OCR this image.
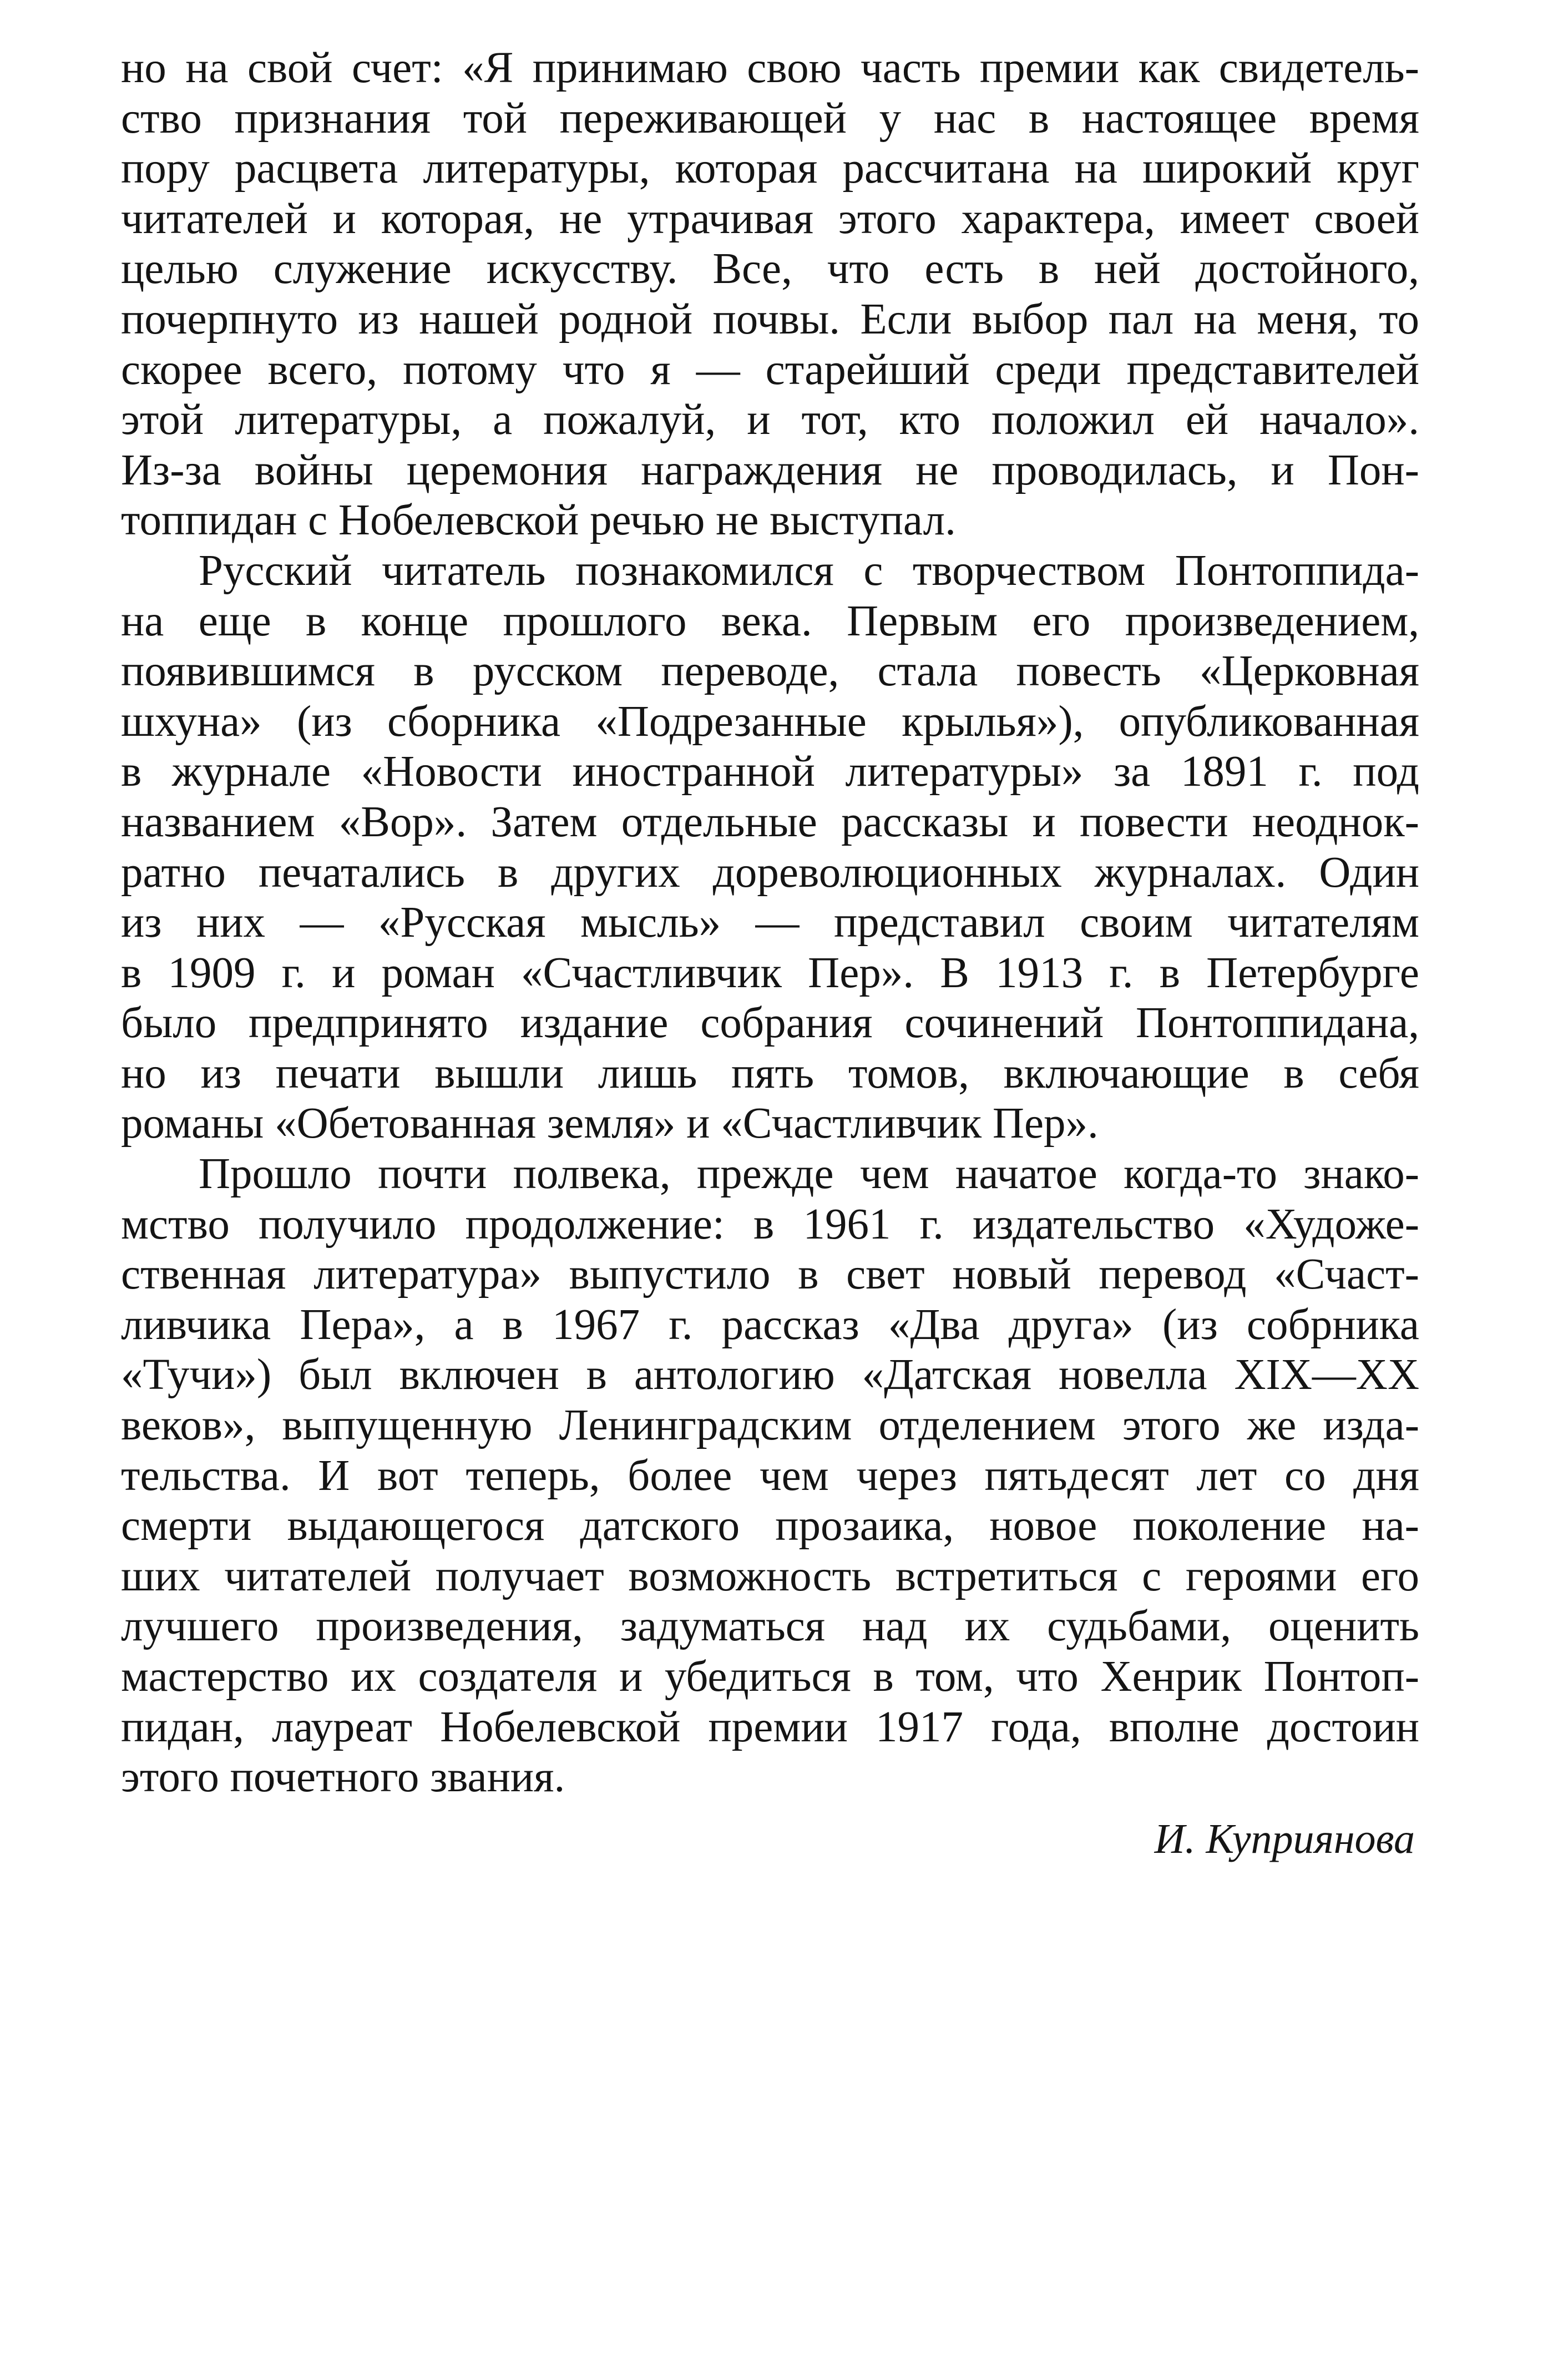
но на свой счет: «Я принимаю свою часть премии как свидетель-
ство признания той переживающей у нас в настоящее время
пору расцвета литературы, которая рассчитана на широкий круг
читателей и которая, не утрачивая этого характера, имеет своей
целью служение искусству. Все, что есть в ней достойного,
почерпнуто из нашей родной почвы. Если выбор пал на меня, то
скорее всего, потому что я — старейший среди представителей
этой литературы, а пожалуй, и тот, кто положил ей начало».
Из-за войны церемония награждения не проводилась, и Пон-
топпидан с Нобелевской речью не выступал.
Русский читатель познакомился с творчеством Понтоппида-
на еще в конце прошлого века. Первым его произведением,
появившимся в русском переводе, стала повесть «Церковная
шхуна» (из сборника «Подрезанные крылья»), опубликованная
в журнале «Новости иностранной литературы» за 1891 г. под
названием «Вор». Затем отдельные рассказы и повести неоднок-
ратно печатались в других дореволюционных журналах. Один
из них — «Русская мысль» — представил своим читателям
в 1909 г. и роман «Счастливчик Пер». В 1913 г. в Петербурге
было предпринято издание собрания сочинений Понтоппидана,
но из печати вышли лишь пять томов, включающие в себя
романы «Обетованная земля» и «Счастливчик Пер».
Прошло почти полвека, прежде чем начатое когда-то знако-
мство получило продолжение: в 1961 г. издательство «Художе-
ственная литература» выпустило в свет новый перевод «Счаст-
ливчика Пера», а в 1967 г. рассказ «Два друга» (из собрника
«Тучи») был включен в антологию «Датская новелла XIX—XX
веков», выпущенную Ленинградским отделением этого же изда-
тельства. И вот теперь, более чем через пятьдесят лет со дня
смерти выдающегося датского прозаика, новое поколение на-
ших читателей получает возможность встретиться с героями его
лучшего произведения, задуматься над их судьбами, оценить
мастерство их создателя и убедиться в том, что Хенрик Понтоп-
пидан, лауреат Нобелевской премии 1917 года, вполне достоин
этого почетного звания.
И. Куприянова
